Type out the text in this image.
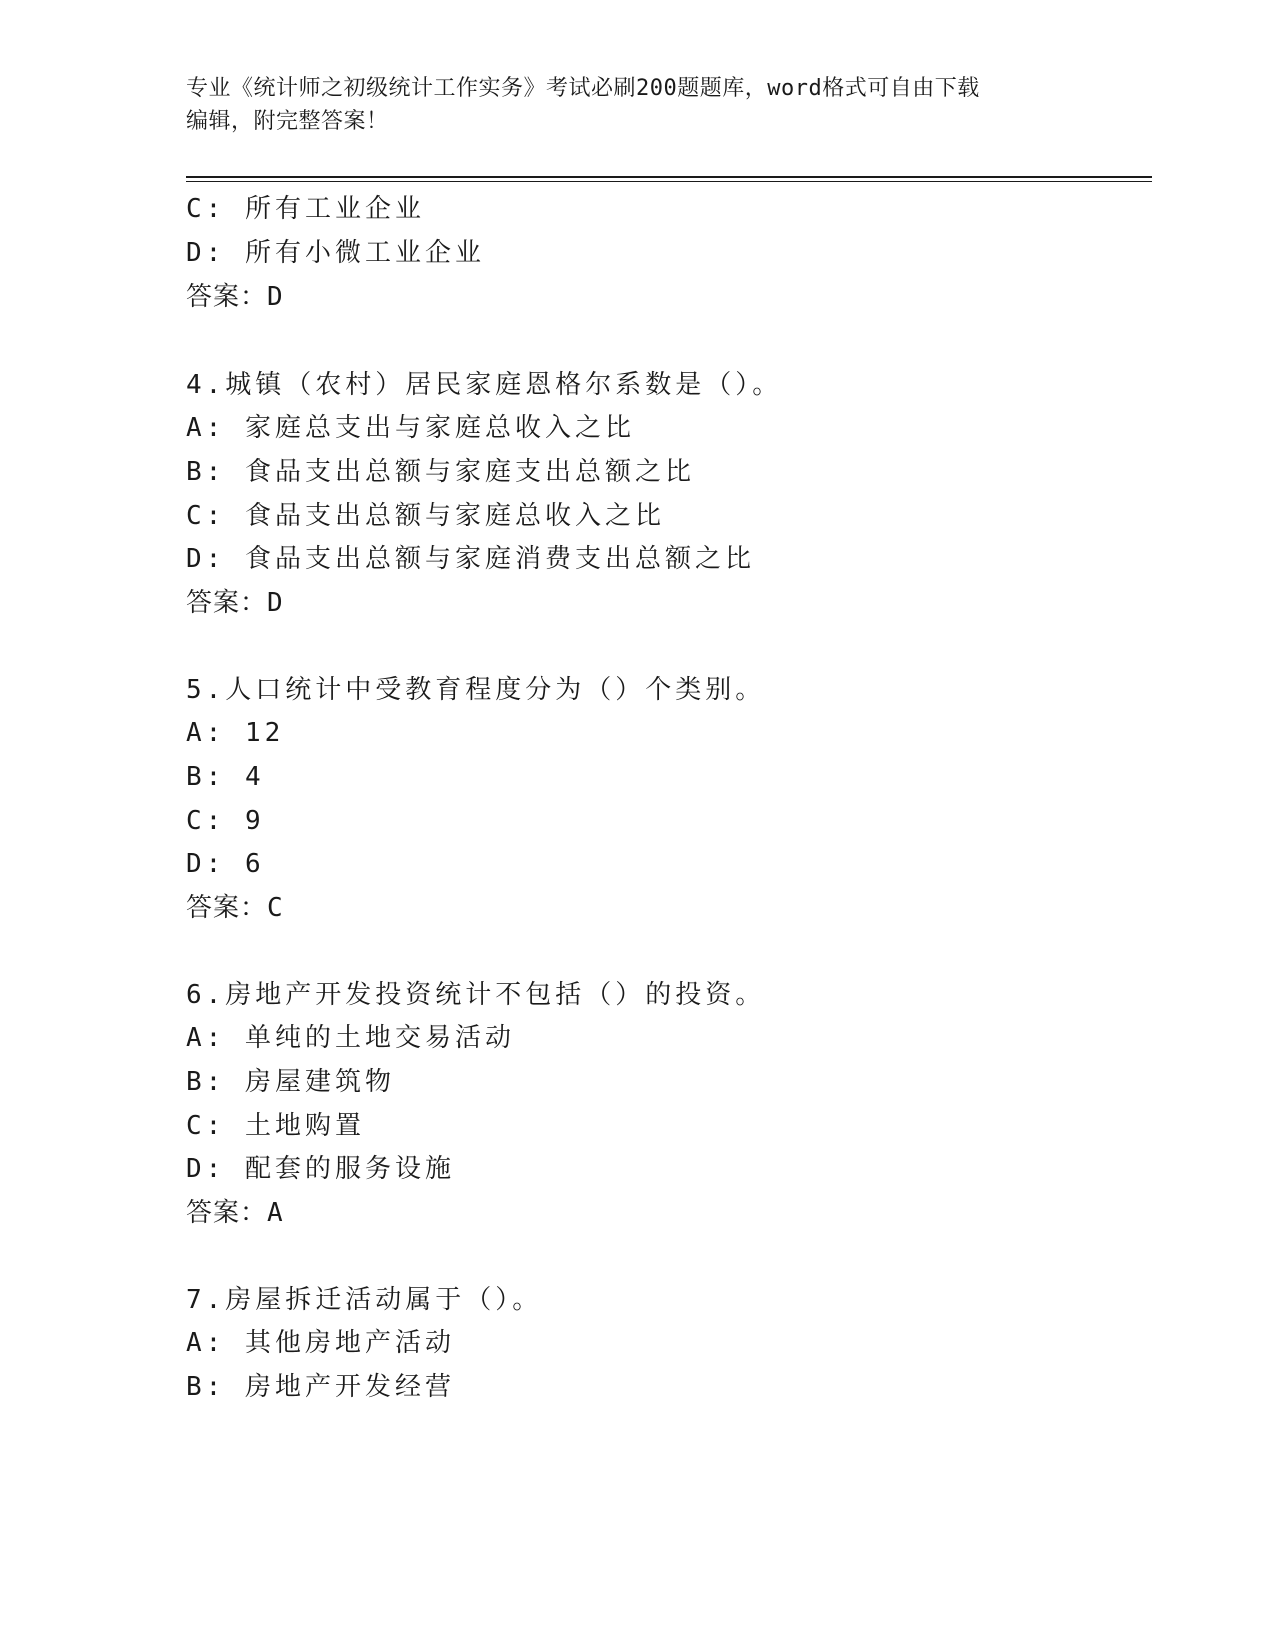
专业《统计师之初级统计工作实务》考试必刷200题题库，word格式可自由下载
编辑，附完整答案！
C: 所有工业企业
D: 所有小微工业企业
答案：D
4.城镇（农村）居民家庭恩格尔系数是（）。
A: 家庭总支出与家庭总收入之比
B: 食品支出总额与家庭支出总额之比
C: 食品支出总额与家庭总收入之比
D: 食品支出总额与家庭消费支出总额之比
答案：D
5.人口统计中受教育程度分为（）个类别。
A: 12
B: 4
C: 9
D: 6
答案：C
6.房地产开发投资统计不包括（）的投资。
A: 单纯的土地交易活动
B: 房屋建筑物
C: 土地购置
D: 配套的服务设施
答案：A
7.房屋拆迁活动属于（）。
A: 其他房地产活动
B: 房地产开发经营
